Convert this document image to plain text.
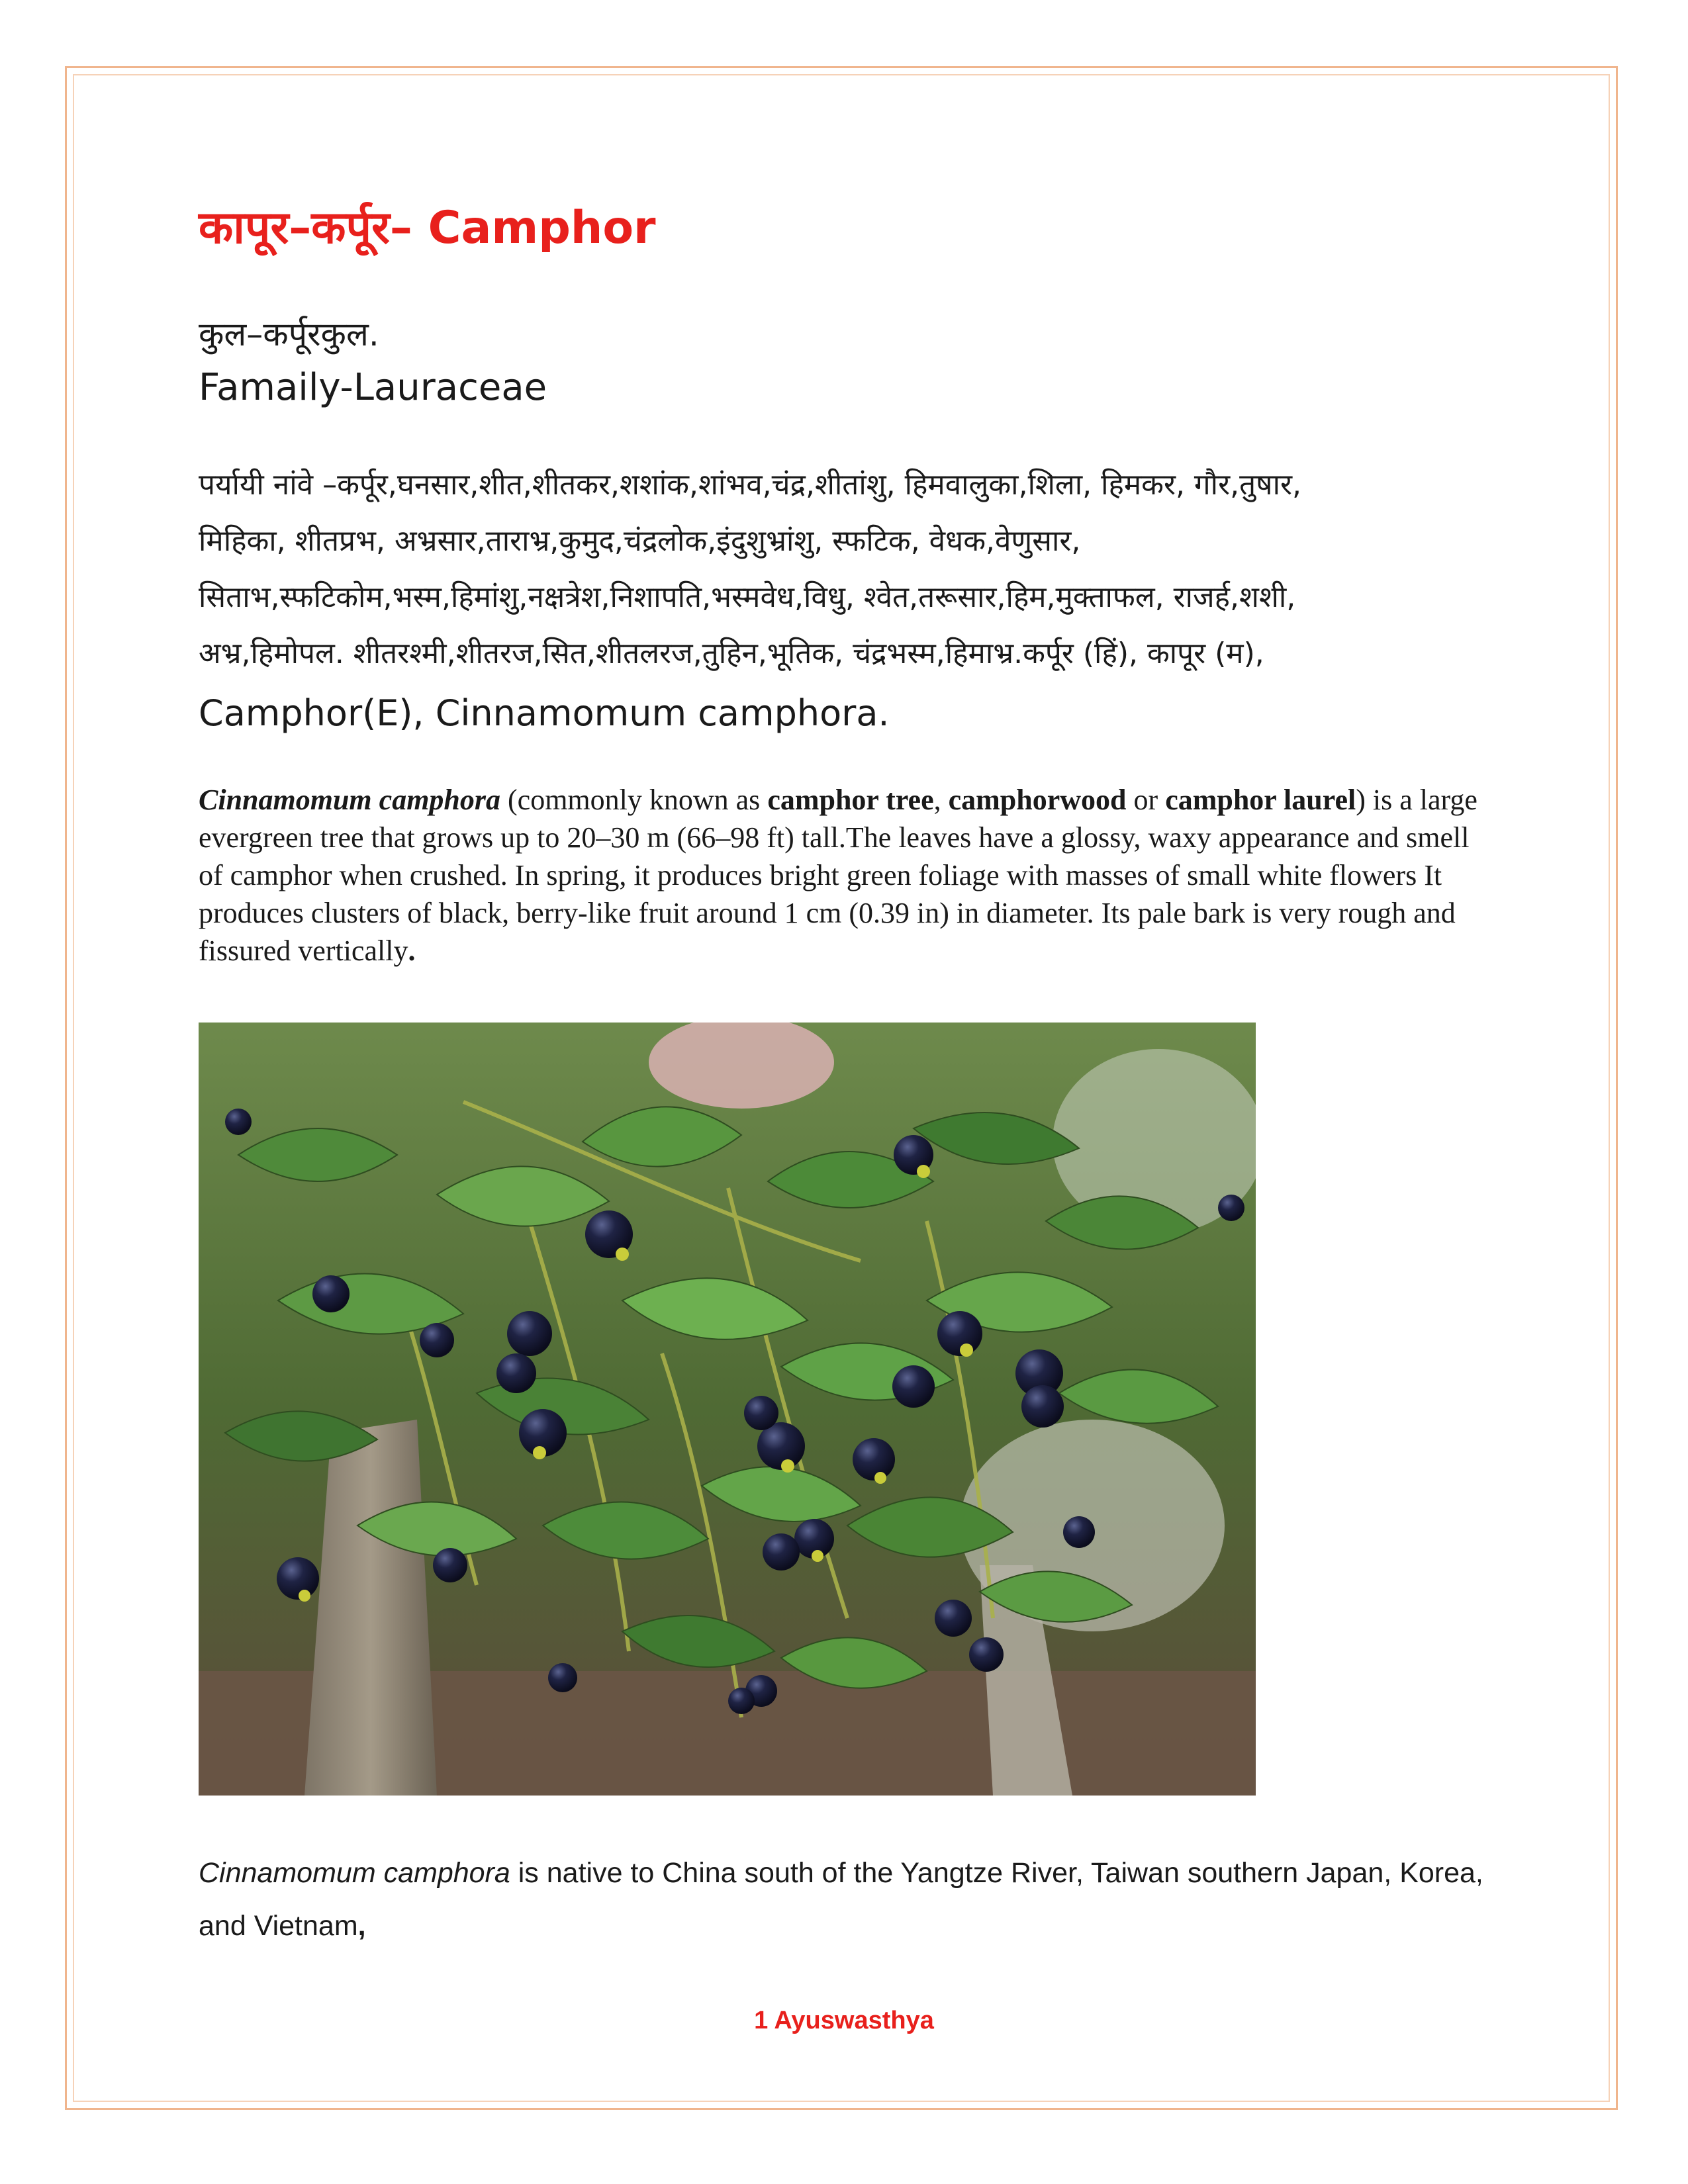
कापूर–कर्पूर– Camphor
कुल–कर्पूरकुल.
Famaily-Lauraceae
पर्यायी नांवे –कर्पूर,घनसार,शीत,शीतकर,शशांक,शांभव,चंद्र,शीतांशु, हिमवालुका,शिला, हिमकर, गौर,तुषार,
मिहिका, शीतप्रभ, अभ्रसार,ताराभ्र,कुमुद,चंद्रलोक,इंदुशुभ्रांशु, स्फटिक, वेधक,वेणुसार,
सिताभ,स्फटिकोम,भस्म,हिमांशु,नक्षत्रेश,निशापति,भस्मवेध,विधु, श्वेत,तरूसार,हिम,मुक्ताफल, राजर्ह,शशी,
अभ्र,हिमोपल. शीतरश्मी,शीतरज,सित,शीतलरज,तुहिन,भूतिक, चंद्रभस्म,हिमाभ्र.कर्पूर (हिं), कापूर (म),
Camphor(E), Cinnamomum camphora.
Cinnamomum camphora (commonly known as camphor tree, camphorwood or camphor laurel) is a large evergreen tree that grows up to 20–30 m (66–98 ft) tall.The leaves have a glossy, waxy appearance and smell of camphor when crushed. In spring, it produces bright green foliage with masses of small white flowers It produces clusters of black, berry-like fruit around 1 cm (0.39 in) in diameter. Its pale bark is very rough and fissured vertically.
Cinnamomum camphora is native to China south of the Yangtze River, Taiwan southern Japan, Korea, and Vietnam,
1 Ayuswasthya
